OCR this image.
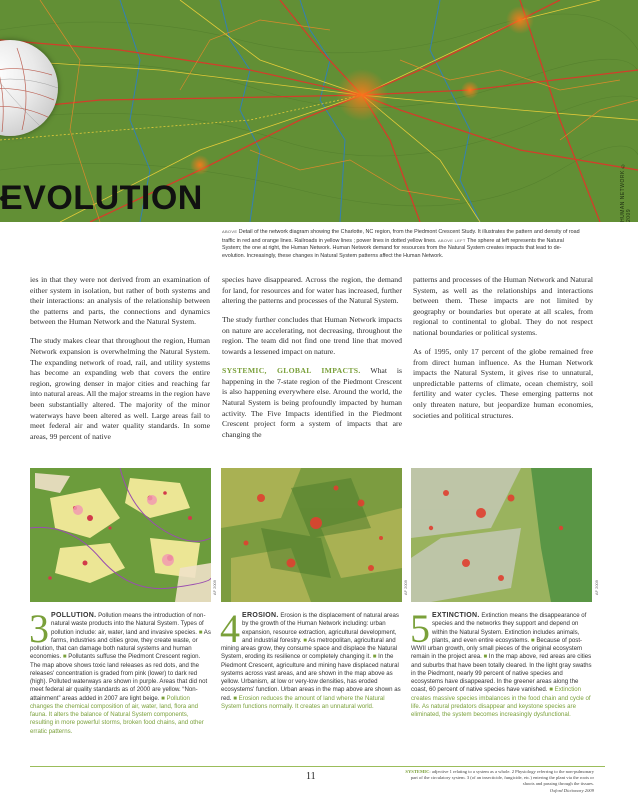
HUMAN NETWORK © 2009
EVOLUTION
ABOVE Detail of the network diagram showing the Charlotte, NC region, from the Piedmont Crescent Study. It illustrates the pattern and density of road traffic in red and orange lines. Railroads in yellow lines ; power lines in dotted yellow lines. ABOVE LEFT The sphere at left represents the Natural System; the one at right, the Human Network. Human Network demand for resources from the Natural System creates impacts that lead to de-evolution. Increasingly, these changes in Natural System patterns affect the Human Network.

ies in that they were not derived from an examination of either system in isolation, but rather of both systems and their interactions: an analysis of the relationship between the patterns and parts, the connections and dynamics between the Human Network and the Natural System.

The study makes clear that throughout the region, Human Network expansion is overwhelming the Natural System. The expanding network of road, rail, and utility systems has become an expanding web that covers the entire region, growing denser in major cities and reaching far into natural areas. All the major streams in the region have been substantially altered. The majority of the minor waterways have been altered as well. Large areas fail to meet federal air and water quality standards. In some areas, 99 percent of native

species have disappeared. Across the region, the demand for land, for resources and for water has increased, further altering the patterns and processes of the Natural System.

The study further concludes that Human Network impacts on nature are accelerating, not decreasing, throughout the region. The team did not find one trend line that moved towards a lessened impact on nature.

SYSTEMIC, GLOBAL IMPACTS. What is happening in the 7-state region of the Piedmont Crescent is also happening everywhere else. Around the world, the Natural System is being profoundly impacted by human activity. The Five Impacts identified in the Piedmont Crescent project form a system of impacts that are changing the

patterns and processes of the Human Network and Natural System, as well as the relationships and interactions between them. These impacts are not limited by geography or boundaries but operate at all scales, from regional to continental to global. They do not respect national boundaries or political systems.

As of 1995, only 17 percent of the globe remained free from direct human influence. As the Human Network impacts the Natural System, it gives rise to unnatural, unpredictable patterns of climate, ocean chemistry, soil fertility and water cycles. These emerging patterns not only threaten nature, but jeopardize human economies, societies and political structures.

AF 2009	AF 2009	AF 2009
3 POLLUTION. Pollution means the introduction of non-natural waste products into the Natural System. Types of pollution include: air, water, land and invasive species. ■ As farms, industries and cities grow, they create waste, or pollution, that can damage both natural systems and human economies. ■ Pollutants suffuse the Piedmont Crescent region. The map above shows toxic land releases as red dots, and the releases' concentration is graded from pink (lower) to dark red (high). Polluted waterways are shown in purple. Areas that did not meet federal air quality standards as of 2000 are yellow. “Non-attainment” areas added in 2007 are light beige. ■ Pollution changes the chemical composition of air, water, land, flora and fauna. It alters the balance of Natural System components, resulting in more powerful storms, broken food chains, and other erratic patterns.
4 EROSION. Erosion is the displacement of natural areas by the growth of the Human Network including: urban expansion, resource extraction, agricultural development, and industrial forestry. ■ As metropolitan, agricultural and mining areas grow, they consume space and displace the Natural System, eroding its resilience or completely changing it. ■ In the Piedmont Crescent, agriculture and mining have displaced natural systems across vast areas, and are shown in the map above as yellow. Urbanism, at low or very-low densities, has eroded ecosystems' function. Urban areas in the map above are shown as red. ■ Erosion reduces the amount of land where the Natural System functions normally. It creates an unnatural world.
5 EXTINCTION. Extinction means the disappearance of species and the networks they support and depend on within the Natural System. Extinction includes animals, plants, and even entire ecosystems. ■ Because of post-WWII urban growth, only small pieces of the original ecosystem remain in the project area. ■ In the map above, red areas are cities and suburbs that have been totally cleared. In the light gray swaths in the Piedmont, nearly 99 percent of native species and ecosystems have disappeared. In the greener areas along the coast, 60 percent of native species have vanished. ■ Extinction creates massive species imbalances in the food chain and cycle of life. As natural predators disappear and keystone species are eliminated, the system becomes increasingly dysfunctional.
11	SYSTEMIC: adjective 1 relating to a system as a whole. 2 Physiology referring to the non-pulmonary part of the circulatory system. 3 (of an insecticide, fungicide, etc.) entering the plant via the roots or shoots and passing through the tissues.
Oxford Dictionary 2009
